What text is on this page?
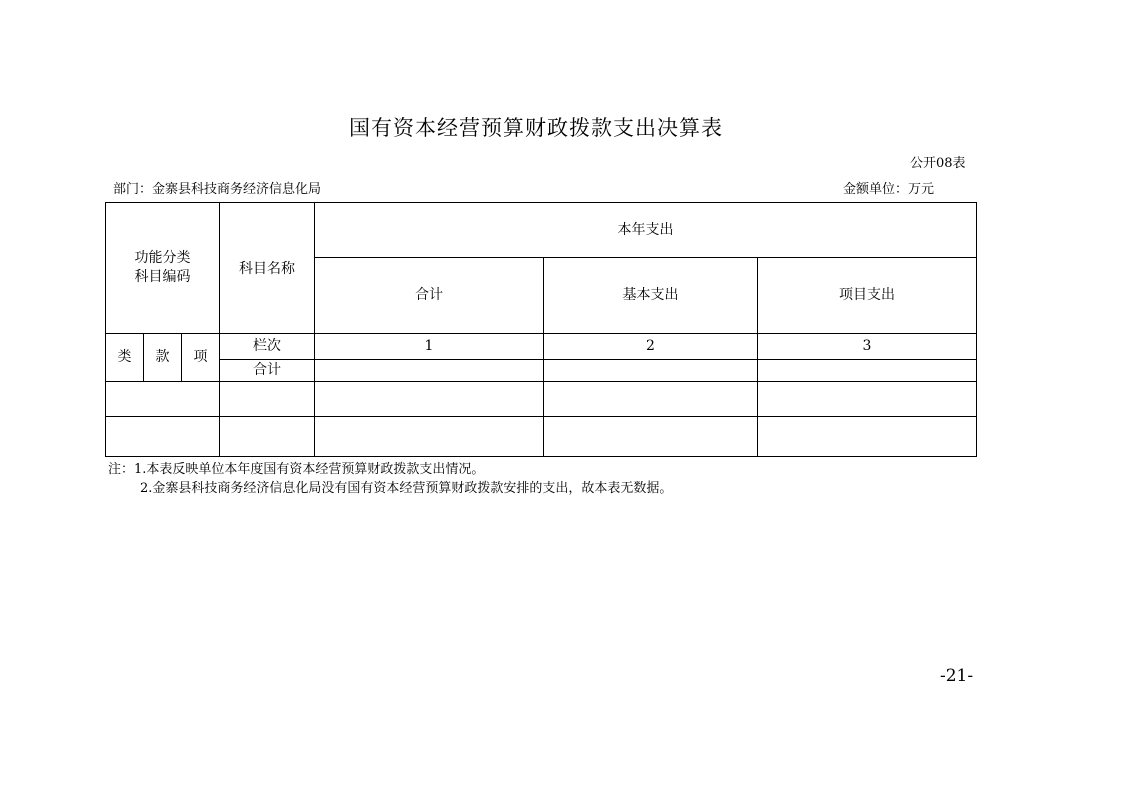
国有资本经营预算财政拨款支出决算表
公开08表
部门：金寨县科技商务经济信息化局	金额单位：万元
功能分类
科目编码			科目名称	本年支出		
				合计	基本支出	项目支出
类	款	项	栏次	1	2	3
			合计			

注：1.本表反映单位本年度国有资本经营预算财政拨款支出情况。
2.金寨县科技商务经济信息化局没有国有资本经营预算财政拨款安排的支出，故本表无数据。
-21-
